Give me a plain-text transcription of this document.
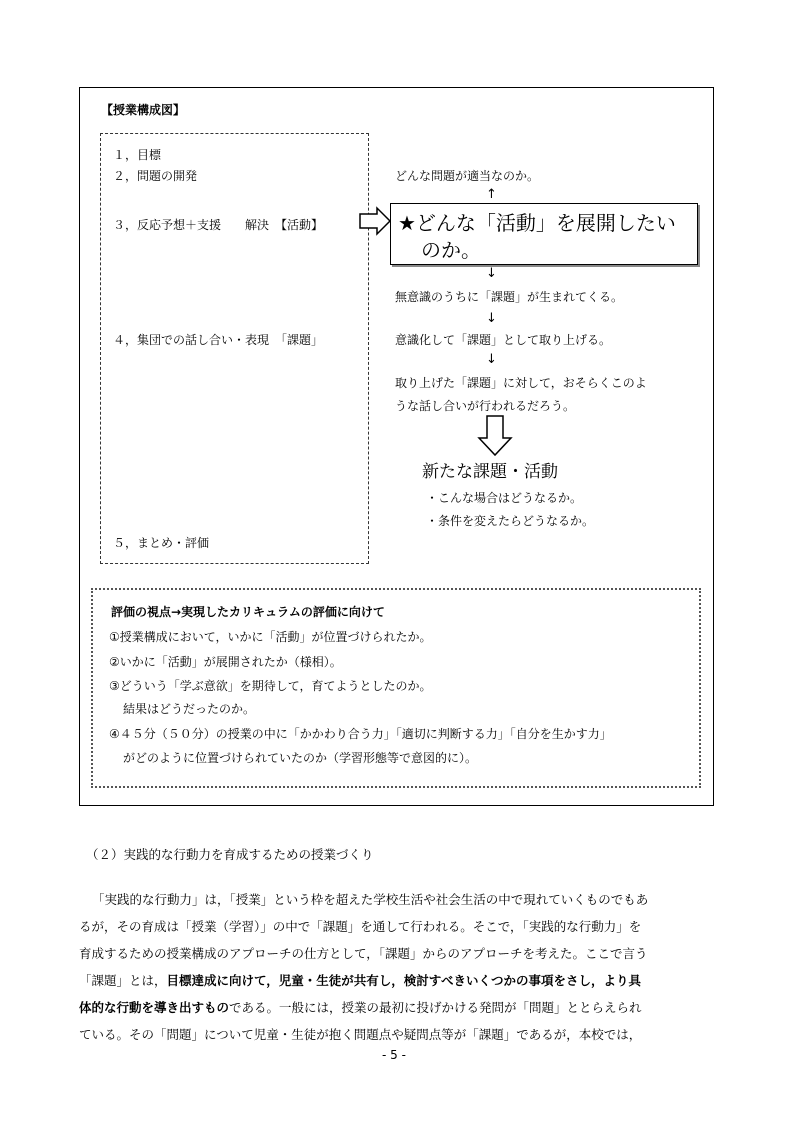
【授業構成図】
１，目標
２，問題の開発
３，反応予想＋支援　　解決　【活動】
４，集団での話し合い・表現　「課題」
５，まとめ・評価
どんな問題が適当なのか。
↑
★どんな「活動」を展開したい
のか。
↓
無意識のうちに「課題」が生まれてくる。
↓
意識化して「課題」として取り上げる。
↓
取り上げた「課題」に対して，おそらくこのよ
うな話し合いが行われるだろう。
新たな課題・活動
・こんな場合はどうなるか。
・条件を変えたらどうなるか。
評価の視点→実現したカリキュラムの評価に向けて
①授業構成において，いかに「活動」が位置づけられたか。
②いかに「活動」が展開されたか（様相）。
③どういう「学ぶ意欲」を期待して，育てようとしたのか。
結果はどうだったのか。
④４５分（５０分）の授業の中に「かかわり合う力」「適切に判断する力」「自分を生かす力」
がどのように位置づけられていたのか（学習形態等で意図的に）。
（２）実践的な行動力を育成するための授業づくり
「実践的な行動力」は，「授業」という枠を超えた学校生活や社会生活の中で現れていくものでもあ
るが，その育成は「授業（学習）」の中で「課題」を通して行われる。そこで，「実践的な行動力」を
育成するための授業構成のアプローチの仕方として，「課題」からのアプローチを考えた。ここで言う
「課題」とは，目標達成に向けて，児童・生徒が共有し，検討すべきいくつかの事項をさし，より具
体的な行動を導き出すものである。一般には，授業の最初に投げかける発問が「問題」ととらえられ
ている。その「問題」について児童・生徒が抱く問題点や疑問点等が「課題」であるが，本校では，
- 5 -
